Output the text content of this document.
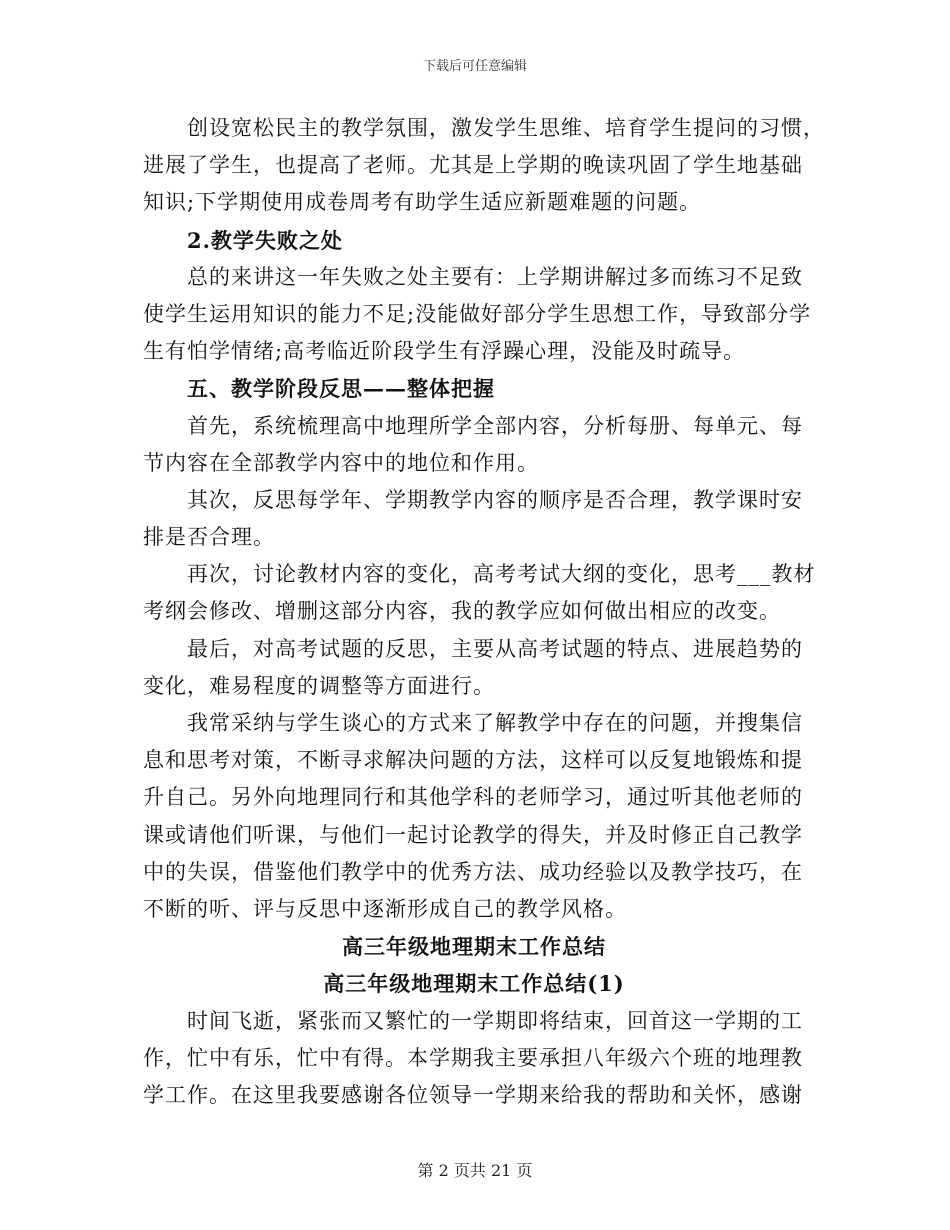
下载后可任意编辑
创设宽松民主的教学氛围，激发学生思维、培育学生提问的习惯，
进展了学生，也提高了老师。尤其是上学期的晚读巩固了学生地基础
知识;下学期使用成卷周考有助学生适应新题难题的问题。
2.教学失败之处
总的来讲这一年失败之处主要有：上学期讲解过多而练习不足致
使学生运用知识的能力不足;没能做好部分学生思想工作，导致部分学
生有怕学情绪;高考临近阶段学生有浮躁心理，没能及时疏导。
五、教学阶段反思——整体把握
首先，系统梳理高中地理所学全部内容，分析每册、每单元、每
节内容在全部教学内容中的地位和作用。
其次，反思每学年、学期教学内容的顺序是否合理，教学课时安
排是否合理。
再次，讨论教材内容的变化，高考考试大纲的变化，思考___教材
考纲会修改、增删这部分内容，我的教学应如何做出相应的改变。
最后，对高考试题的反思，主要从高考试题的特点、进展趋势的
变化，难易程度的调整等方面进行。
我常采纳与学生谈心的方式来了解教学中存在的问题，并搜集信
息和思考对策，不断寻求解决问题的方法，这样可以反复地锻炼和提
升自己。另外向地理同行和其他学科的老师学习，通过听其他老师的
课或请他们听课，与他们一起讨论教学的得失，并及时修正自己教学
中的失误，借鉴他们教学中的优秀方法、成功经验以及教学技巧，在
不断的听、评与反思中逐渐形成自己的教学风格。
高三年级地理期末工作总结
高三年级地理期末工作总结(1)
时间飞逝，紧张而又繁忙的一学期即将结束，回首这一学期的工
作，忙中有乐，忙中有得。本学期我主要承担八年级六个班的地理教
学工作。在这里我要感谢各位领导一学期来给我的帮助和关怀，感谢
第 2 页共 21 页
